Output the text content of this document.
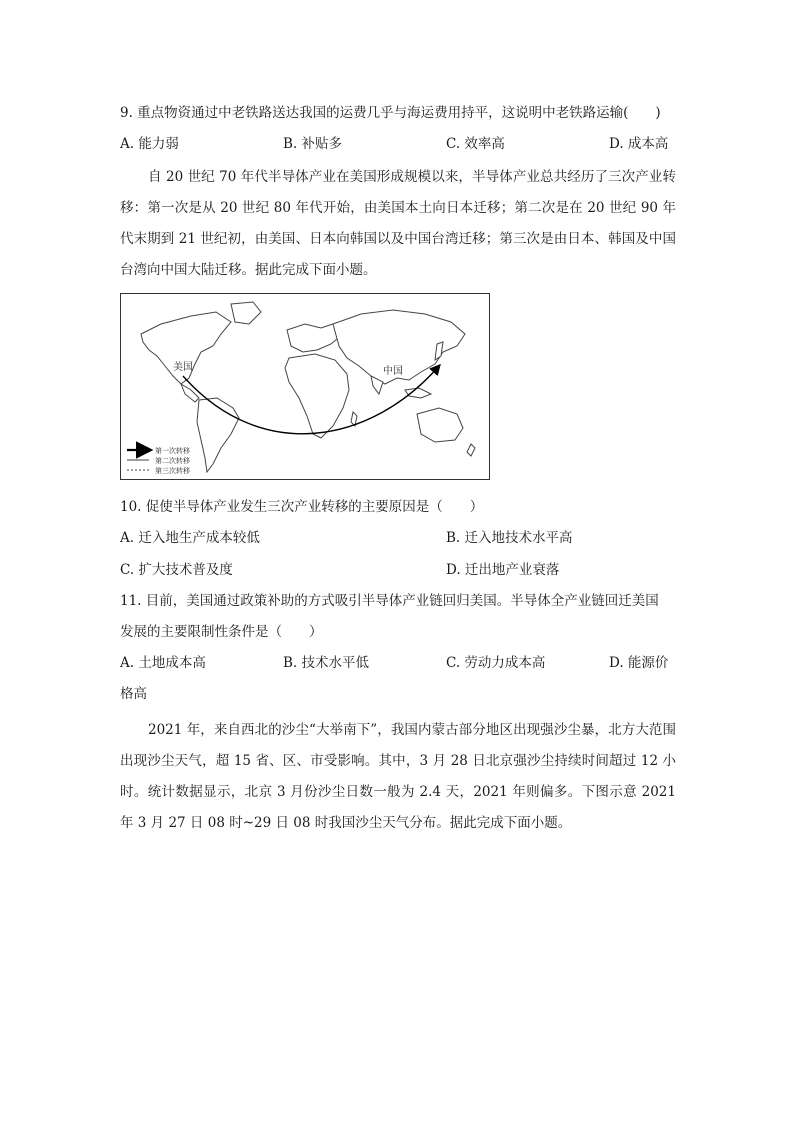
9. 重点物资通过中老铁路送达我国的运费几乎与海运费用持平，这说明中老铁路运输(　　)
A. 能力弱	B. 补贴多	C. 效率高	D. 成本高
自 20 世纪 70 年代半导体产业在美国形成规模以来，半导体产业总共经历了三次产业转移：第一次是从 20 世纪 80 年代开始，由美国本土向日本迁移；第二次是在 20 世纪 90 年代末期到 21 世纪初，由美国、日本向韩国以及中国台湾迁移；第三次是由日本、韩国及中国台湾向中国大陆迁移。据此完成下面小题。
美国	中国
第一次转移
第二次转移
第三次转移
10. 促使半导体产业发生三次产业转移的主要原因是（　　）
A. 迁入地生产成本较低	B. 迁入地技术水平高
C. 扩大技术普及度	D. 迁出地产业衰落
11. 目前，美国通过政策补助的方式吸引半导体产业链回归美国。半导体全产业链回迁美国
发展的主要限制性条件是（　　）
A. 土地成本高	B. 技术水平低	C. 劳动力成本高	D. 能源价
格高
2021 年，来自西北的沙尘“大举南下”，我国内蒙古部分地区出现强沙尘暴，北方大范围出现沙尘天气，超 15 省、区、市受影响。其中，3 月 28 日北京强沙尘持续时间超过 12 小时。统计数据显示，北京 3 月份沙尘日数一般为 2.4 天，2021 年则偏多。下图示意 2021 年 3 月 27 日 08 时~29 日 08 时我国沙尘天气分布。据此完成下面小题。
